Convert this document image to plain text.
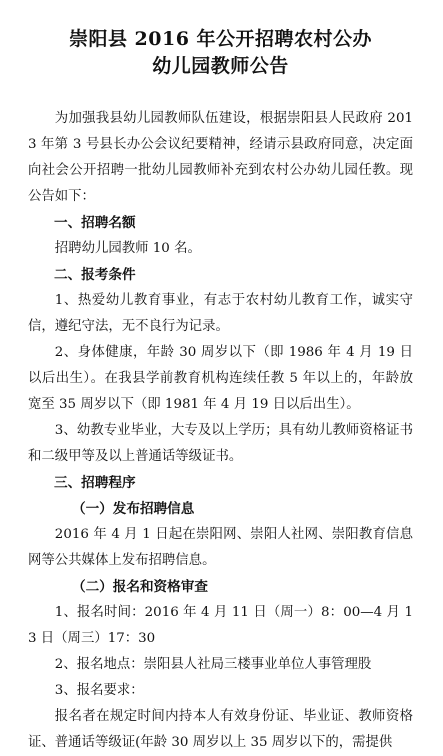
崇阳县 2016 年公开招聘农村公办
幼儿园教师公告

为加强我县幼儿园教师队伍建设，根据崇阳县人民政府 2013 年第 3 号县长办公会议纪要精神，经请示县政府同意，决定面向社会公开招聘一批幼儿园教师补充到农村公办幼儿园任教。现公告如下：

一、招聘名额

招聘幼儿园教师 10 名。

二、报考条件

1、热爱幼儿教育事业，有志于农村幼儿教育工作，诚实守信，遵纪守法，无不良行为记录。

2、身体健康，年龄 30 周岁以下（即 1986 年 4 月 19 日以后出生）。在我县学前教育机构连续任教 5 年以上的，年龄放宽至 35 周岁以下（即 1981 年 4 月 19 日以后出生）。

3、幼教专业毕业，大专及以上学历；具有幼儿教师资格证书和二级甲等及以上普通话等级证书。

三、招聘程序

（一）发布招聘信息

2016 年 4 月 1 日起在崇阳网、崇阳人社网、崇阳教育信息网等公共媒体上发布招聘信息。

（二）报名和资格审查

1、报名时间：2016 年 4 月 11 日（周一）8：00—4 月 13 日（周三）17：30

2、报名地点：崇阳县人社局三楼事业单位人事管理股

3、报名要求：

报名者在规定时间内持本人有效身份证、毕业证、教师资格证、普通话等级证(年龄 30 周岁以上 35 周岁以下的，需提供
